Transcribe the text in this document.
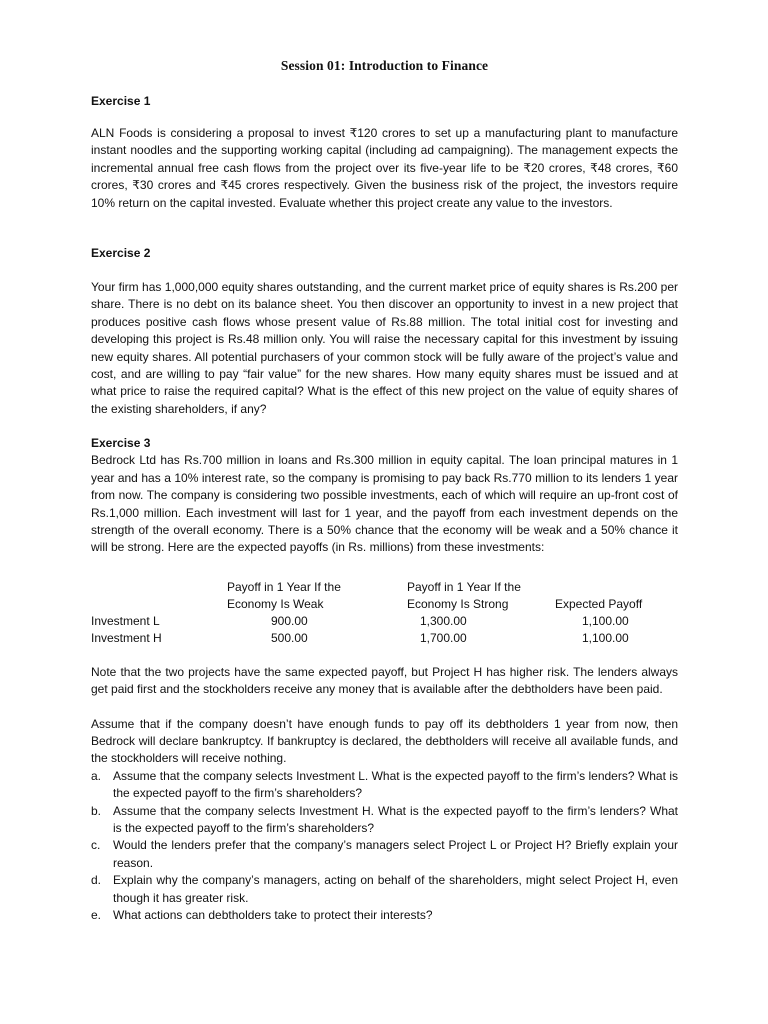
Session 01: Introduction to Finance
Exercise 1

ALN Foods is considering a proposal to invest ₹120 crores to set up a manufacturing plant to manufacture instant noodles and the supporting working capital (including ad campaigning). The management expects the incremental annual free cash flows from the project over its five-year life to be ₹20 crores, ₹48 crores, ₹60 crores, ₹30 crores and ₹45 crores respectively. Given the business risk of the project, the investors require 10% return on the capital invested. Evaluate whether this project create any value to the investors.

Exercise 2

Your firm has 1,000,000 equity shares outstanding, and the current market price of equity shares is Rs.200 per share. There is no debt on its balance sheet. You then discover an opportunity to invest in a new project that produces positive cash flows whose present value of Rs.88 million. The total initial cost for investing and developing this project is Rs.48 million only. You will raise the necessary capital for this investment by issuing new equity shares. All potential purchasers of your common stock will be fully aware of the project’s value and cost, and are willing to pay “fair value” for the new shares. How many equity shares must be issued and at what price to raise the required capital? What is the effect of this new project on the value of equity shares of the existing shareholders, if any?

Exercise 3

Bedrock Ltd has Rs.700 million in loans and Rs.300 million in equity capital. The loan principal matures in 1 year and has a 10% interest rate, so the company is promising to pay back Rs.770 million to its lenders 1 year from now. The company is considering two possible investments, each of which will require an up-front cost of Rs.1,000 million. Each investment will last for 1 year, and the payoff from each investment depends on the strength of the overall economy. There is a 50% chance that the economy will be weak and a 50% chance it will be strong. Here are the expected payoffs (in Rs. millions) from these investments:

	Payoff in 1 Year If the	Payoff in 1 Year If the	
	Economy Is Weak	Economy Is Strong	Expected Payoff
Investment L	900.00	1,300.00	1,100.00
Investment H	500.00	1,700.00	1,100.00

Note that the two projects have the same expected payoff, but Project H has higher risk. The lenders always get paid first and the stockholders receive any money that is available after the debtholders have been paid.

Assume that if the company doesn’t have enough funds to pay off its debtholders 1 year from now, then Bedrock will declare bankruptcy. If bankruptcy is declared, the debtholders will receive all available funds, and the stockholders will receive nothing.

a. Assume that the company selects Investment L. What is the expected payoff to the firm’s lenders? What is the expected payoff to the firm’s shareholders?
b. Assume that the company selects Investment H. What is the expected payoff to the firm’s lenders? What is the expected payoff to the firm’s shareholders?
c. Would the lenders prefer that the company’s managers select Project L or Project H? Briefly explain your reason.
d. Explain why the company’s managers, acting on behalf of the shareholders, might select Project H, even though it has greater risk.
e. What actions can debtholders take to protect their interests?
